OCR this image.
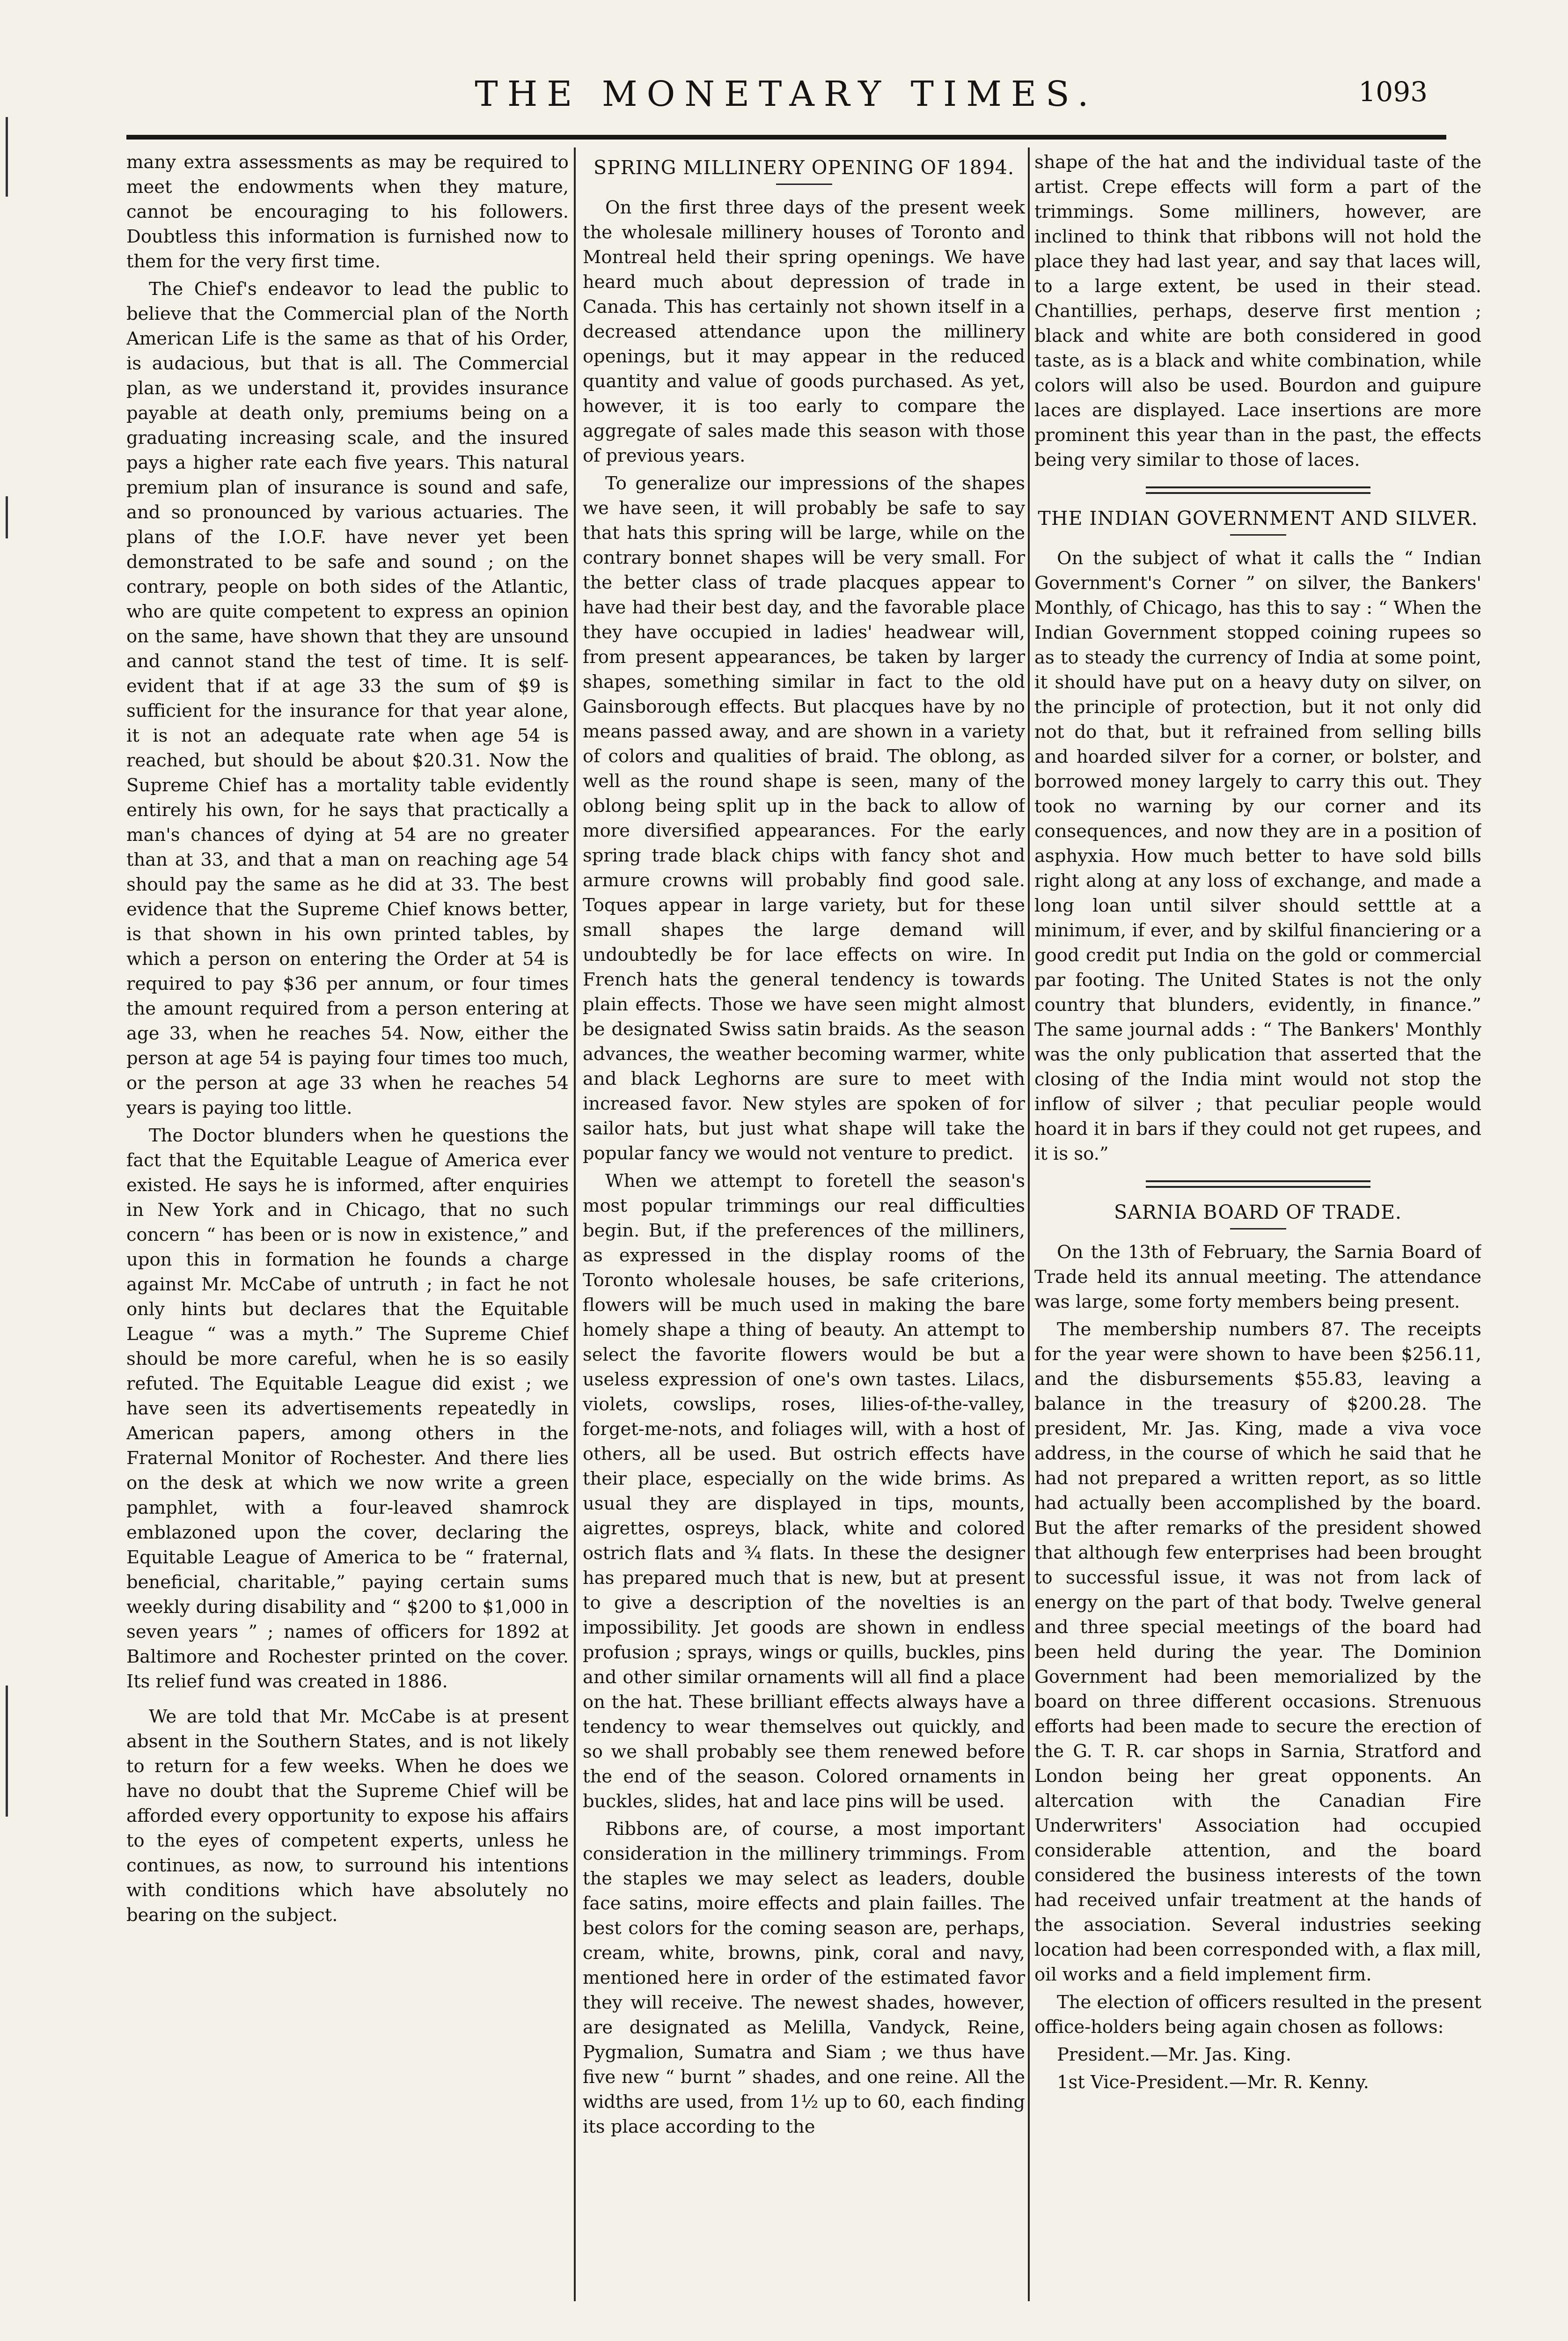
THE MONETARY TIMES.	1093

many extra assessments as may be required to meet the endowments when they mature, cannot be encouraging to his followers. Doubtless this information is furnished now to them for the very first time.

The Chief's endeavor to lead the public to believe that the Commercial plan of the North American Life is the same as that of his Order, is audacious, but that is all. The Commercial plan, as we understand it, provides insurance payable at death only, premiums being on a graduating increasing scale, and the insured pays a higher rate each five years. This natural premium plan of insurance is sound and safe, and so pronounced by various actuaries. The plans of the I.O.F. have never yet been demonstrated to be safe and sound ; on the contrary, people on both sides of the Atlantic, who are quite competent to express an opinion on the same, have shown that they are unsound and cannot stand the test of time. It is self-evident that if at age 33 the sum of $9 is sufficient for the insurance for that year alone, it is not an adequate rate when age 54 is reached, but should be about $20.31. Now the Supreme Chief has a mortality table evidently entirely his own, for he says that practically a man's chances of dying at 54 are no greater than at 33, and that a man on reaching age 54 should pay the same as he did at 33. The best evidence that the Supreme Chief knows better, is that shown in his own printed tables, by which a person on entering the Order at 54 is required to pay $36 per annum, or four times the amount required from a person entering at age 33, when he reaches 54. Now, either the person at age 54 is paying four times too much, or the person at age 33 when he reaches 54 years is paying too little.

The Doctor blunders when he questions the fact that the Equitable League of America ever existed. He says he is informed, after enquiries in New York and in Chicago, that no such concern “ has been or is now in existence,” and upon this in formation he founds a charge against Mr. McCabe of untruth ; in fact he not only hints but declares that the Equitable League “ was a myth.” The Supreme Chief should be more careful, when he is so easily refuted. The Equitable League did exist ; we have seen its advertisements repeatedly in American papers, among others in the Fraternal Monitor of Rochester. And there lies on the desk at which we now write a green pamphlet, with a four-leaved shamrock emblazoned upon the cover, declaring the Equitable League of America to be “ fraternal, beneficial, charitable,” paying certain sums weekly during disability and “ $200 to $1,000 in seven years ” ; names of officers for 1892 at Baltimore and Rochester printed on the cover. Its relief fund was created in 1886.

We are told that Mr. McCabe is at present absent in the Southern States, and is not likely to return for a few weeks. When he does we have no doubt that the Supreme Chief will be afforded every opportunity to expose his affairs to the eyes of competent experts, unless he continues, as now, to surround his intentions with conditions which have absolutely no bearing on the subject.

SPRING MILLINERY OPENING OF 1894.

On the first three days of the present week the wholesale millinery houses of Toronto and Montreal held their spring openings. We have heard much about depression of trade in Canada. This has certainly not shown itself in a decreased attendance upon the millinery openings, but it may appear in the reduced quantity and value of goods purchased. As yet, however, it is too early to compare the aggregate of sales made this season with those of previous years.

To generalize our impressions of the shapes we have seen, it will probably be safe to say that hats this spring will be large, while on the contrary bonnet shapes will be very small. For the better class of trade placques appear to have had their best day, and the favorable place they have occupied in ladies' headwear will, from present appearances, be taken by larger shapes, something similar in fact to the old Gainsborough effects. But placques have by no means passed away, and are shown in a variety of colors and qualities of braid. The oblong, as well as the round shape is seen, many of the oblong being split up in the back to allow of more diversified appearances. For the early spring trade black chips with fancy shot and armure crowns will probably find good sale. Toques appear in large variety, but for these small shapes the large demand will undoubtedly be for lace effects on wire. In French hats the general tendency is towards plain effects. Those we have seen might almost be designated Swiss satin braids. As the season advances, the weather becoming warmer, white and black Leghorns are sure to meet with increased favor. New styles are spoken of for sailor hats, but just what shape will take the popular fancy we would not venture to predict.

When we attempt to foretell the season's most popular trimmings our real difficulties begin. But, if the preferences of the milliners, as expressed in the display rooms of the Toronto wholesale houses, be safe criterions, flowers will be much used in making the bare homely shape a thing of beauty. An attempt to select the favorite flowers would be but a useless expression of one's own tastes. Lilacs, violets, cowslips, roses, lilies-of-the-valley, forget-me-nots, and foliages will, with a host of others, all be used. But ostrich effects have their place, especially on the wide brims. As usual they are displayed in tips, mounts, aigrettes, ospreys, black, white and colored ostrich flats and ¾ flats. In these the designer has prepared much that is new, but at present to give a description of the novelties is an impossibility. Jet goods are shown in endless profusion ; sprays, wings or quills, buckles, pins and other similar ornaments will all find a place on the hat. These brilliant effects always have a tendency to wear themselves out quickly, and so we shall probably see them renewed before the end of the season. Colored ornaments in buckles, slides, hat and lace pins will be used.

Ribbons are, of course, a most important consideration in the millinery trimmings. From the staples we may select as leaders, double face satins, moire effects and plain failles. The best colors for the coming season are, perhaps, cream, white, browns, pink, coral and navy, mentioned here in order of the estimated favor they will receive. The newest shades, however, are designated as Melilla, Vandyck, Reine, Pygmalion, Sumatra and Siam ; we thus have five new “ burnt ” shades, and one reine. All the widths are used, from 1½ up to 60, each finding its place according to the

shape of the hat and the individual taste of the artist. Crepe effects will form a part of the trimmings. Some milliners, however, are inclined to think that ribbons will not hold the place they had last year, and say that laces will, to a large extent, be used in their stead. Chantillies, perhaps, deserve first mention ; black and white are both considered in good taste, as is a black and white combination, while colors will also be used. Bourdon and guipure laces are displayed. Lace insertions are more prominent this year than in the past, the effects being very similar to those of laces.

THE INDIAN GOVERNMENT AND SILVER.

On the subject of what it calls the “ Indian Government's Corner ” on silver, the Bankers' Monthly, of Chicago, has this to say : “ When the Indian Government stopped coining rupees so as to steady the currency of India at some point, it should have put on a heavy duty on silver, on the principle of protection, but it not only did not do that, but it refrained from selling bills and hoarded silver for a corner, or bolster, and borrowed money largely to carry this out. They took no warning by our corner and its consequences, and now they are in a position of asphyxia. How much better to have sold bills right along at any loss of exchange, and made a long loan until silver should setttle at a minimum, if ever, and by skilful financiering or a good credit put India on the gold or commercial par footing. The United States is not the only country that blunders, evidently, in finance.” The same journal adds : “ The Bankers' Monthly was the only publication that asserted that the closing of the India mint would not stop the inflow of silver ; that peculiar people would hoard it in bars if they could not get rupees, and it is so.”

SARNIA BOARD OF TRADE.

On the 13th of February, the Sarnia Board of Trade held its annual meeting. The attendance was large, some forty members being present.

The membership numbers 87. The receipts for the year were shown to have been $256.11, and the disbursements $55.83, leaving a balance in the treasury of $200.28. The president, Mr. Jas. King, made a viva voce address, in the course of which he said that he had not prepared a written report, as so little had actually been accomplished by the board. But the after remarks of the president showed that although few enterprises had been brought to successful issue, it was not from lack of energy on the part of that body. Twelve general and three special meetings of the board had been held during the year. The Dominion Government had been memorialized by the board on three different occasions. Strenuous efforts had been made to secure the erection of the G. T. R. car shops in Sarnia, Stratford and London being her great opponents. An altercation with the Canadian Fire Underwriters' Association had occupied considerable attention, and the board considered the business interests of the town had received unfair treatment at the hands of the association. Several industries seeking location had been corresponded with, a flax mill, oil works and a field implement firm.

The election of officers resulted in the present office-holders being again chosen as follows:

President.—Mr. Jas. King.

1st Vice-President.—Mr. R. Kenny.
